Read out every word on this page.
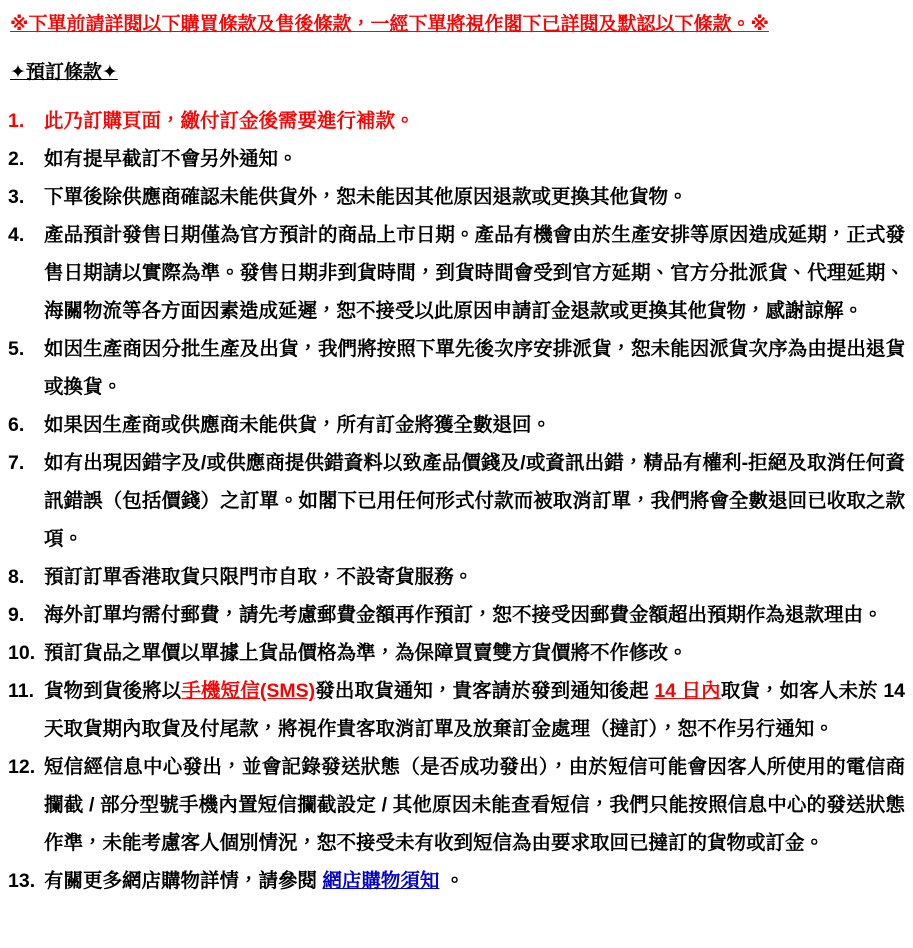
※下單前請詳閱以下購買條款及售後條款，一經下單將視作閣下已詳閱及默認以下條款。※
✦預訂條款✦
1.	此乃訂購頁面，繳付訂金後需要進行補款。
2.	如有提早截訂不會另外通知。
3.	下單後除供應商確認未能供貨外，恕未能因其他原因退款或更換其他貨物。
4.	產品預計發售日期僅為官方預計的商品上市日期。產品有機會由於生產安排等原因造成延期，正式發售日期請以實際為準。發售日期非到貨時間，到貨時間會受到官方延期、官方分批派貨、代理延期、海關物流等各方面因素造成延遲，恕不接受以此原因申請訂金退款或更換其他貨物，感謝諒解。
5.	如因生產商因分批生產及出貨，我們將按照下單先後次序安排派貨，恕未能因派貨次序為由提出退貨或換貨。
6.	如果因生產商或供應商未能供貨，所有訂金將獲全數退回。
7.	如有出現因錯字及/或供應商提供錯資料以致產品價錢及/或資訊出錯，精品有權利-拒絕及取消任何資訊錯誤（包括價錢）之訂單。如閣下已用任何形式付款而被取消訂單，我們將會全數退回已收取之款項。
8.	預訂訂單香港取貨只限門市自取，不設寄貨服務。
9.	海外訂單均需付郵費，請先考慮郵費金額再作預訂，恕不接受因郵費金額超出預期作為退款理由。
10. 預訂貨品之單價以單據上貨品價格為準，為保障買賣雙方貨價將不作修改。
11. 貨物到貨後將以手機短信(SMS)發出取貨通知，貴客請於發到通知後起 14 日內取貨，如客人未於 14 天取貨期內取貨及付尾款，將視作貴客取消訂單及放棄訂金處理（撻訂），恕不作另行通知。
12. 短信經信息中心發出，並會記錄發送狀態（是否成功發出），由於短信可能會因客人所使用的電信商攔截 / 部分型號手機內置短信攔截設定 / 其他原因未能查看短信，我們只能按照信息中心的發送狀態作準，未能考慮客人個別情況，恕不接受未有收到短信為由要求取回已撻訂的貨物或訂金。
13. 有關更多網店購物詳情，請參閱 網店購物須知 。
